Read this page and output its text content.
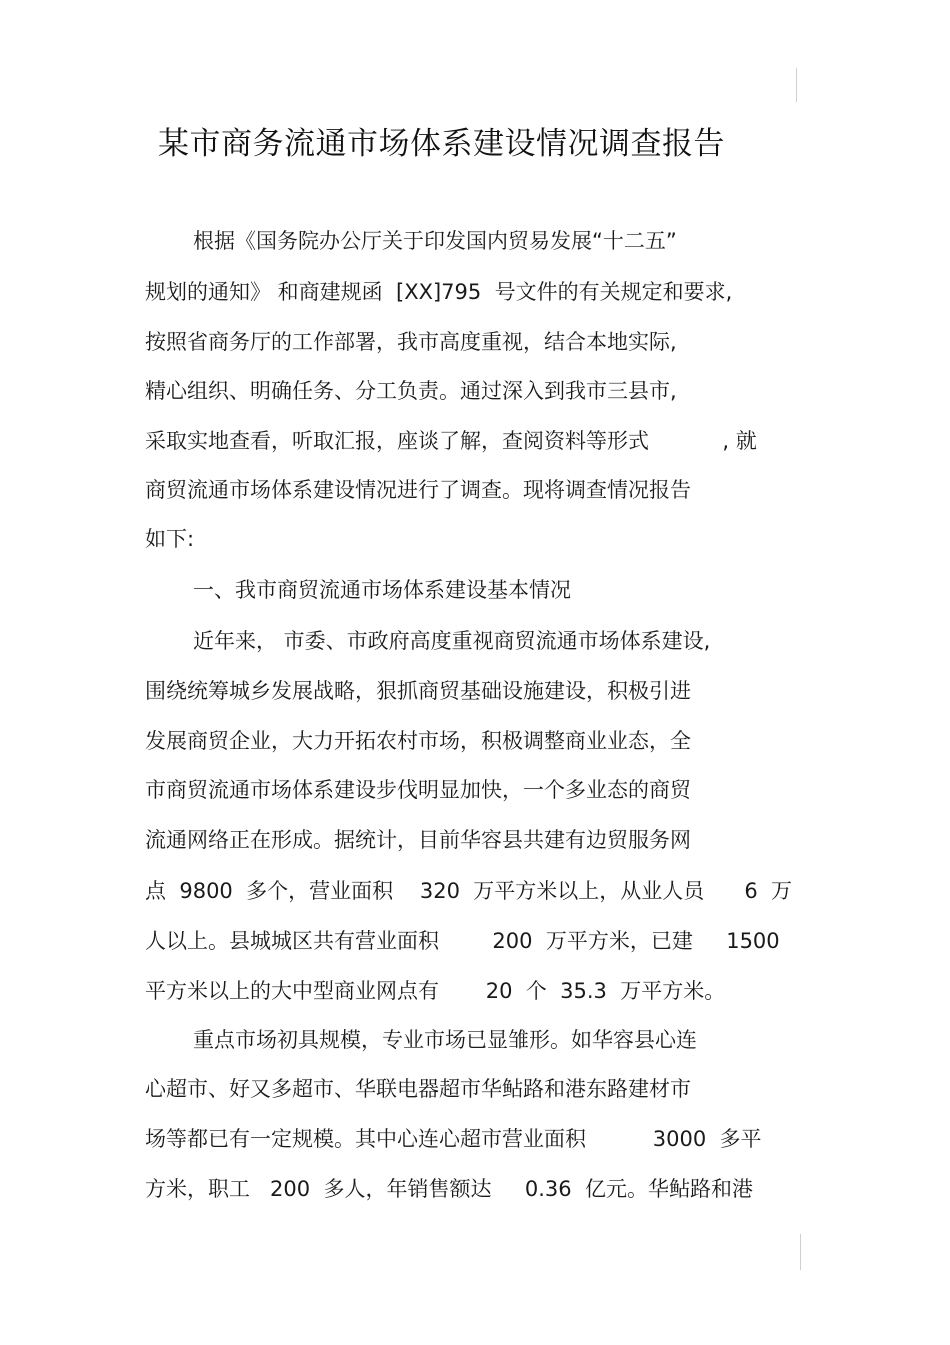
某市商务流通市场体系建设情况调查报告
根据《国务院办公厅关于印发国内贸易发展“十二五”
规划的通知》 和商建规函  [XX]795  号文件的有关规定和要求,
按照省商务厅的工作部署，我市高度重视，结合本地实际,
精心组织、明确任务、分工负责。通过深入到我市三县市,
采取实地查看，听取汇报，座谈了解，查阅资料等形式           , 就
商贸流通市场体系建设情况进行了调查。现将调查情况报告
如下:
一、我市商贸流通市场体系建设基本情况
近年来， 市委、市政府高度重视商贸流通市场体系建设,
围绕统筹城乡发展战略，狠抓商贸基础设施建设，积极引进
发展商贸企业，大力开拓农村市场，积极调整商业业态，全
市商贸流通市场体系建设步伐明显加快，一个多业态的商贸
流通网络正在形成。据统计，目前华容县共建有边贸服务网
点  9800  多个，营业面积    320  万平方米以上，从业人员      6  万
人以上。县城城区共有营业面积        200  万平方米，已建     1500
平方米以上的大中型商业网点有       20  个  35.3  万平方米。
重点市场初具规模，专业市场已显雏形。如华容县心连
心超市、好又多超市、华联电器超市华鲇路和港东路建材市
场等都已有一定规模。其中心连心超市营业面积          3000  多平
方米，职工   200  多人，年销售额达     0.36  亿元。华鲇路和港
